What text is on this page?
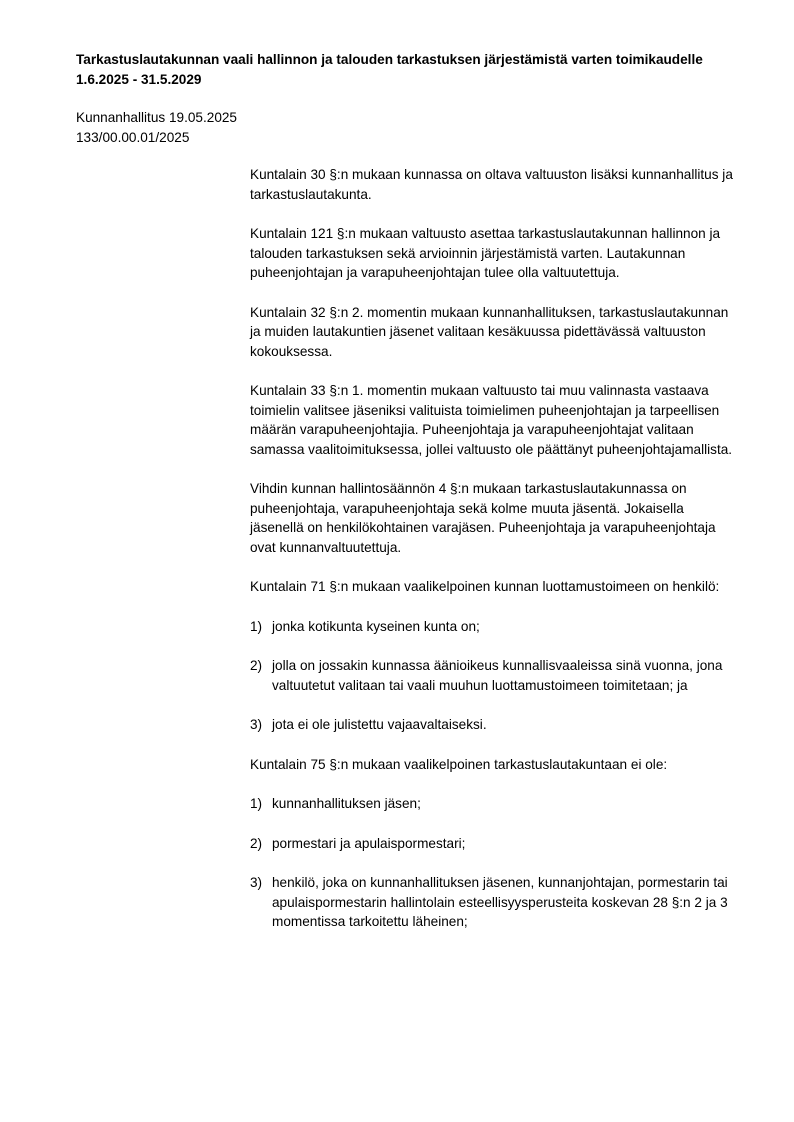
Tarkastuslautakunnan vaali hallinnon ja talouden tarkastuksen järjestämistä varten toimikaudelle 1.6.2025 - 31.5.2029
Kunnanhallitus 19.05.2025
133/00.00.01/2025

Kuntalain 30 §:n mukaan kunnassa on oltava valtuuston lisäksi kunnanhallitus ja tarkastuslautakunta.

Kuntalain 121 §:n mukaan valtuusto asettaa tarkastuslautakunnan hallinnon ja talouden tarkastuksen sekä arvioinnin järjestämistä varten. Lautakunnan puheenjohtajan ja varapuheenjohtajan tulee olla valtuutettuja.

Kuntalain 32 §:n 2. momentin mukaan kunnanhallituksen, tarkastuslautakunnan ja muiden lautakuntien jäsenet valitaan kesäkuussa pidettävässä valtuuston kokouksessa.

Kuntalain 33 §:n 1. momentin mukaan valtuusto tai muu valinnasta vastaava toimielin valitsee jäseniksi valituista toimielimen puheenjohtajan ja tarpeellisen määrän varapuheenjohtajia. Puheenjohtaja ja varapuheenjohtajat valitaan samassa vaalitoimituksessa, jollei valtuusto ole päättänyt puheenjohtajamallista.

Vihdin kunnan hallintosäännön 4 §:n mukaan tarkastuslautakunnassa on puheenjohtaja, varapuheenjohtaja sekä kolme muuta jäsentä. Jokaisella jäsenellä on henkilökohtainen varajäsen. Puheenjohtaja ja varapuheenjohtaja ovat kunnanvaltuutettuja.

Kuntalain 71 §:n mukaan vaalikelpoinen kunnan luottamustoimeen on henkilö:

1) jonka kotikunta kyseinen kunta on;
2) jolla on jossakin kunnassa äänioikeus kunnallisvaaleissa sinä vuonna, jona valtuutetut valitaan tai vaali muuhun luottamustoimeen toimitetaan; ja
3) jota ei ole julistettu vajaavaltaiseksi.

Kuntalain 75 §:n mukaan vaalikelpoinen tarkastuslautakuntaan ei ole:

1) kunnanhallituksen jäsen;
2) pormestari ja apulaispormestari;
3) henkilö, joka on kunnanhallituksen jäsenen, kunnanjohtajan, pormestarin tai apulaispormestarin hallintolain esteellisyysperusteita koskevan 28 §:n 2 ja 3 momentissa tarkoitettu läheinen;
